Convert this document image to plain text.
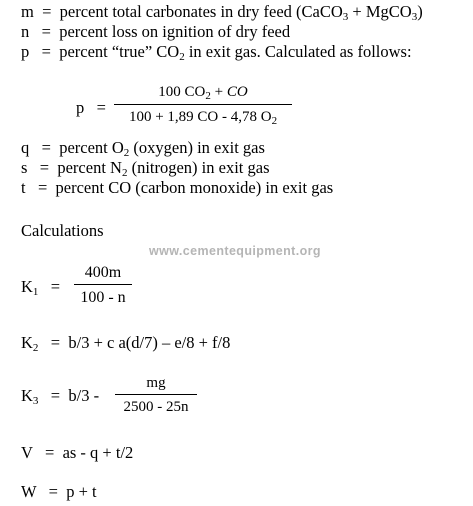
m = percent total carbonates in dry feed (CaCO$_3$ + MgCO$_3$)
n = percent loss on ignition of dry feed
p = percent “true” $CO_2$ in exit gas. Calculated as follows:
$p = \frac{100 CO_2 + CO}{100 + 1,89 CO - 4,78 O_2}$
q = percent $O_2$ (oxygen) in exit gas
s = percent $N_2$ (nitrogen) in exit gas
t = percent CO (carbon monoxide) in exit gas
Calculations
www.cementequipment.org
$K_1 = \frac{400m}{100 - n}$
$K_2 = b/3 + c$ a(d/7) – e/8 + f/8
$K_3 = b/3 - \frac{mg}{2500 - 25n}$
V = as - q + t/2
W = p + t
